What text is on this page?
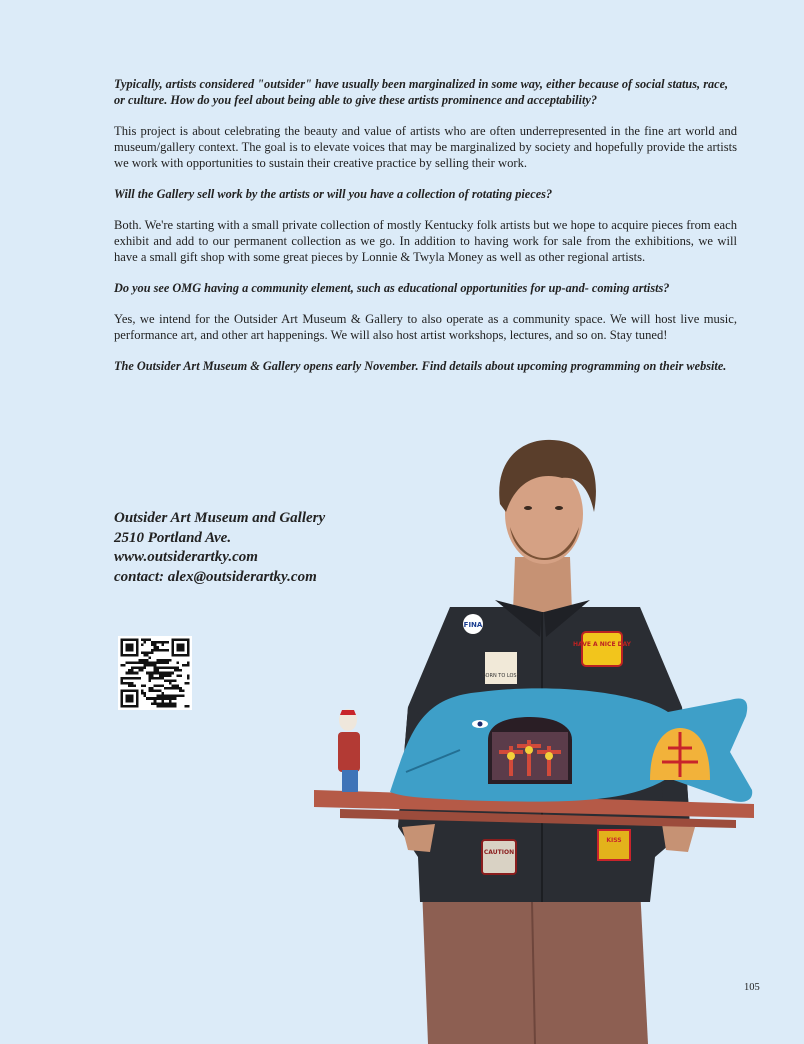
Typically, artists considered "outsider" have usually been marginalized in some way, either because of social status, race, or culture. How do you feel about being able to give these artists prominence and acceptability?

This project is about celebrating the beauty and value of artists who are often underrepresented in the fine art world and museum/gallery context. The goal is to elevate voices that may be marginalized by society and hopefully provide the artists we work with opportunities to sustain their creative practice by selling their work.

Will the Gallery sell work by the artists or will you have a collection of rotating pieces?

Both. We're starting with a small private collection of mostly Kentucky folk artists but we hope to acquire pieces from each exhibit and add to our permanent collection as we go. In addition to having work for sale from the exhibitions, we will have a small gift shop with some great pieces by Lonnie & Twyla Money as well as other regional artists.

Do you see OMG having a community element, such as educational opportunities for up-and- coming artists?

Yes, we intend for the Outsider Art Museum & Gallery to also operate as a community space. We will host live music, performance art, and other art happenings. We will also host artist workshops, lectures, and so on. Stay tuned!

The Outsider Art Museum & Gallery opens early November. Find details about upcoming programming on their website.

Outsider Art Museum and Gallery
2510 Portland Ave.
www.outsiderartky.com
contact: alex@outsiderartky.com
FINA
HAVE A NICE DAY
BORN TO LOSE
CAUTION
KISS
105
